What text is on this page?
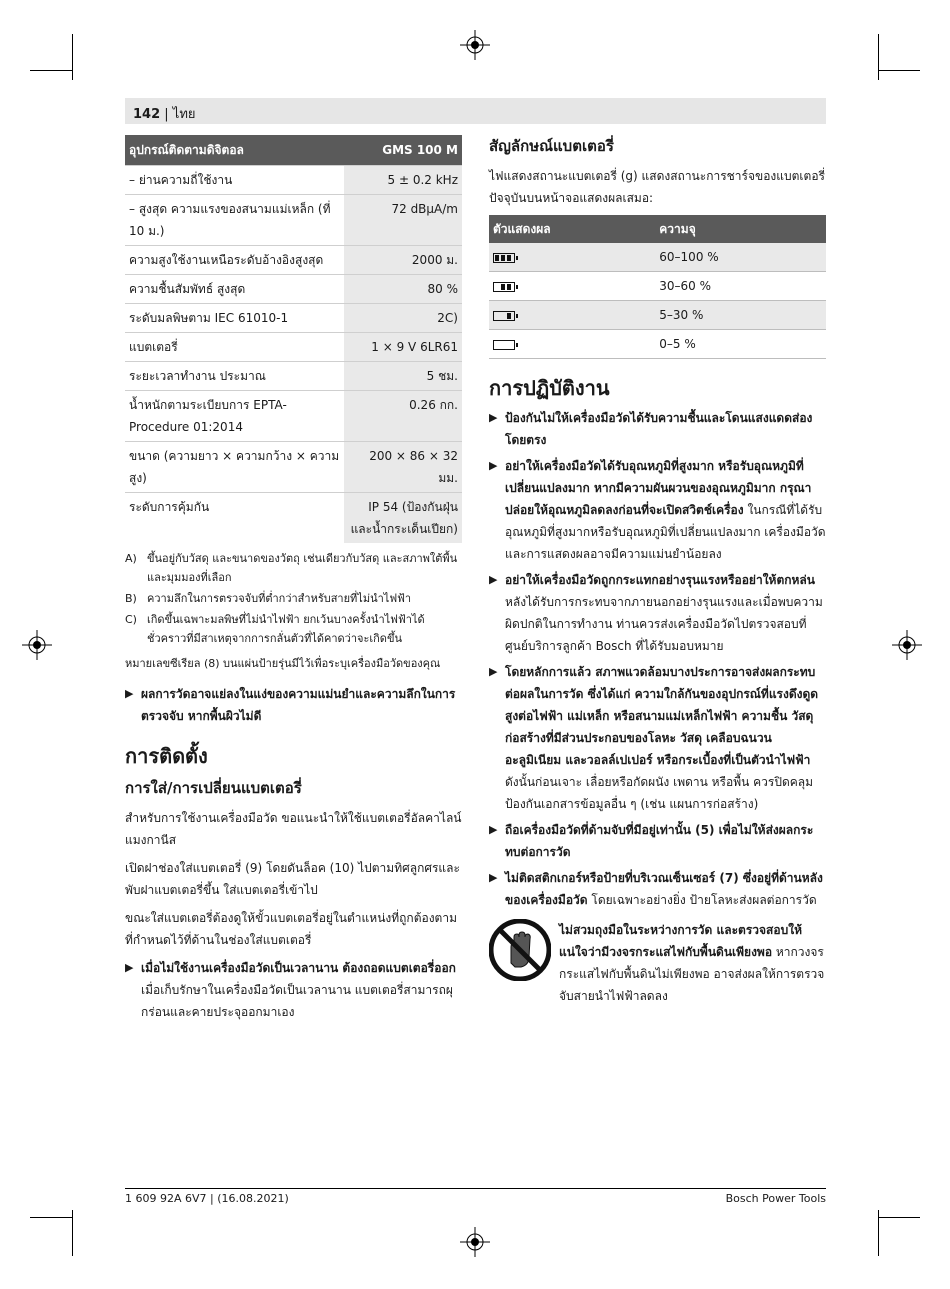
142 | ไทย
อุปกรณ์ติดตามดิจิตอล	GMS 100 M
– ย่านความถี่ใช้งาน	5 ± 0.2 kHz
– สูงสุด ความแรงของสนามแม่เหล็ก (ที่ 10 ม.)	72 dBµA/m
ความสูงใช้งานเหนือระดับอ้างอิงสูงสุด	2000 ม.
ความชื้นสัมพัทธ์ สูงสุด	80 %
ระดับมลพิษตาม IEC 61010-1	2C)
แบตเตอรี่	1 × 9 V 6LR61
ระยะเวลาทำงาน ประมาณ	5 ชม.
น้ำหนักตามระเบียบการ EPTA-Procedure 01:2014	0.26 กก.
ขนาด (ความยาว × ความกว้าง × ความสูง)	200 × 86 × 32 มม.
ระดับการคุ้มกัน	IP 54 (ป้องกันฝุ่นและน้ำกระเด็นเปียก)
A) ขึ้นอยู่กับวัสดุ และขนาดของวัตถุ เช่นเดียวกับวัสดุ และสภาพใต้พื้น และมุมมองที่เลือก
B) ความลึกในการตรวจจับที่ต่ำกว่าสำหรับสายที่ไม่นำไฟฟ้า
C) เกิดขึ้นเฉพาะมลพิษที่ไม่นำไฟฟ้า ยกเว้นบางครั้งนำไฟฟ้าได้ชั่วคราวที่มีสาเหตุจากการกลั่นตัวที่ได้คาดว่าจะเกิดขึ้น
หมายเลขซีเรียล (8) บนแผ่นป้ายรุ่นมีไว้เพื่อระบุเครื่องมือวัดของคุณ
▶ ผลการวัดอาจแย่ลงในแง่ของความแม่นยำและความลึกในการตรวจจับ หากพื้นผิวไม่ดี
การติดตั้ง
การใส่/การเปลี่ยนแบตเตอรี่

สำหรับการใช้งานเครื่องมือวัด ขอแนะนำให้ใช้แบตเตอรี่อัลคาไลน์แมงกานีส

เปิดฝาช่องใส่แบตเตอรี่ (9) โดยดันล็อค (10) ไปตามทิศลูกศรและพับฝาแบตเตอรี่ขึ้น ใส่แบตเตอรี่เข้าไป

ขณะใส่แบตเตอรี่ต้องดูให้ขั้วแบตเตอรี่อยู่ในตำแหน่งที่ถูกต้องตามที่กำหนดไว้ที่ด้านในช่องใส่แบตเตอรี่

▶ เมื่อไม่ใช้งานเครื่องมือวัดเป็นเวลานาน ต้องถอดแบตเตอรี่ออก เมื่อเก็บรักษาในเครื่องมือวัดเป็นเวลานาน แบตเตอรี่สามารถผุกร่อนและคายประจุออกมาเอง
สัญลักษณ์แบตเตอรี่

ไฟแสดงสถานะแบตเตอรี่ (g) แสดงสถานะการชาร์จของแบตเตอรี่ปัจจุบันบนหน้าจอแสดงผลเสมอ:

ตัวแสดงผล	ความจุ

	60–100 %

	30–60 %

	5–30 %
	0–5 %
การปฏิบัติงาน
▶ ป้องกันไม่ให้เครื่องมือวัดได้รับความชื้นและโดนแสงแดดส่องโดยตรง
▶ อย่าให้เครื่องมือวัดได้รับอุณหภูมิที่สูงมาก หรือรับอุณหภูมิที่เปลี่ยนแปลงมาก หากมีความผันผวนของอุณหภูมิมาก กรุณาปล่อยให้อุณหภูมิลดลงก่อนที่จะเปิดสวิตช์เครื่อง ในกรณีที่ได้รับอุณหภูมิที่สูงมากหรือรับอุณหภูมิที่เปลี่ยนแปลงมาก เครื่องมือวัดและการแสดงผลอาจมีความแม่นยำน้อยลง
▶ อย่าให้เครื่องมือวัดถูกกระแทกอย่างรุนแรงหรืออย่าให้ตกหล่น หลังได้รับการกระทบจากภายนอกอย่างรุนแรงและเมื่อพบความผิดปกติในการทำงาน ท่านควรส่งเครื่องมือวัดไปตรวจสอบที่ศูนย์บริการลูกค้า Bosch ที่ได้รับมอบหมาย
▶ โดยหลักการแล้ว สภาพแวดล้อมบางประการอาจส่งผลกระทบต่อผลในการวัด ซึ่งได้แก่ ความใกล้กันของอุปกรณ์ที่แรงดึงดูดสูงต่อไฟฟ้า แม่เหล็ก หรือสนามแม่เหล็กไฟฟ้า ความชื้น วัสดุก่อสร้างที่มีส่วนประกอบของโลหะ วัสดุ เคลือบฉนวนอะลูมิเนียม และวอลล์เปเปอร์ หรือกระเบื้องที่เป็นตัวนำไฟฟ้า ดังนั้นก่อนเจาะ เลื่อยหรือกัดผนัง เพดาน หรือพื้น ควรปิดคลุมป้องกันเอกสารข้อมูลอื่น ๆ (เช่น แผนการก่อสร้าง)
▶ ถือเครื่องมือวัดที่ด้ามจับที่มีอยู่เท่านั้น (5) เพื่อไม่ให้ส่งผลกระทบต่อการวัด
▶ ไม่ติดสติกเกอร์หรือป้ายที่บริเวณเซ็นเซอร์ (7) ซึ่งอยู่ที่ด้านหลังของเครื่องมือวัด โดยเฉพาะอย่างยิ่ง ป้ายโลหะส่งผลต่อการวัด
ไม่สวมถุงมือในระหว่างการวัด และตรวจสอบให้แน่ใจว่ามีวงจรกระแสไฟกับพื้นดินเพียงพอ หากวงจรกระแสไฟกับพื้นดินไม่เพียงพอ อาจส่งผลให้การตรวจจับสายนำไฟฟ้าลดลง
1 609 92A 6V7 | (16.08.2021)	Bosch Power Tools
